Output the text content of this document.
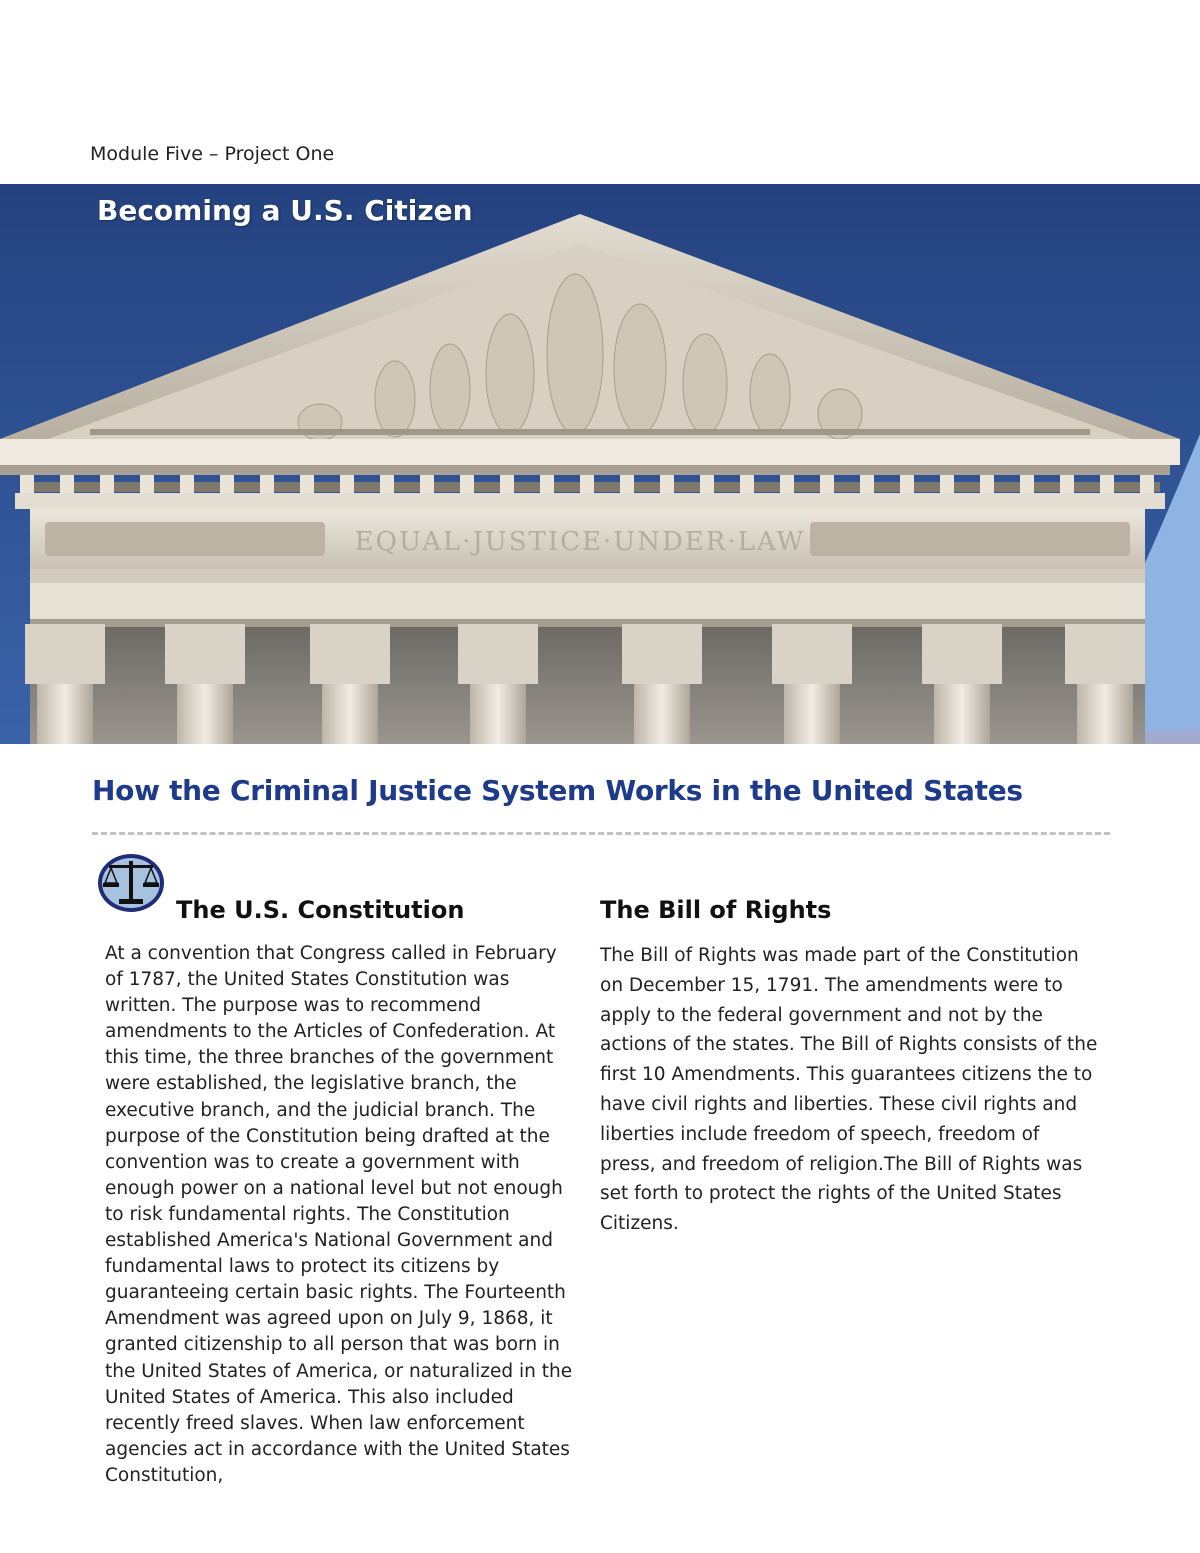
Module Five – Project One
EQUAL·JUSTICE·UNDER·LAW
Becoming a U.S. Citizen
How the Criminal Justice System Works in the United States
The U.S. Constitution

At a convention that Congress called in February of 1787, the United States Constitution was written. The purpose was to recommend amendments to the Articles of Confederation. At this time, the three branches of the government were established, the legislative branch, the executive branch, and the judicial branch. The purpose of the Constitution being drafted at the convention was to create a government with enough power on a national level but not enough to risk fundamental rights. The Constitution established America's National Government and fundamental laws to protect its citizens by guaranteeing certain basic rights. The Fourteenth Amendment was agreed upon on July 9, 1868, it granted citizenship to all person that was born in the United States of America, or naturalized in the United States of America. This also included recently freed slaves. When law enforcement agencies act in accordance with the United States Constitution,

The Bill of Rights

The Bill of Rights was made part of the Constitution on December 15, 1791. The amendments were to apply to the federal government and not by the actions of the states. The Bill of Rights consists of the first 10 Amendments. This guarantees citizens the to have civil rights and liberties. These civil rights and liberties include freedom of speech, freedom of press, and freedom of religion.The Bill of Rights was set forth to protect the rights of the United States Citizens.
